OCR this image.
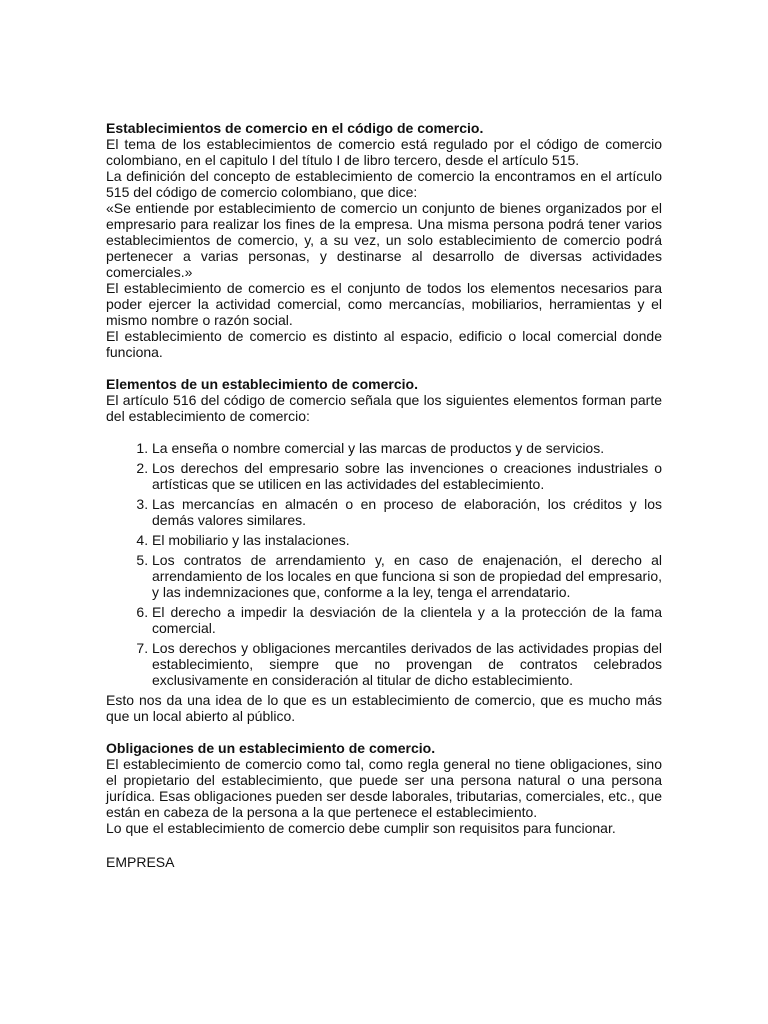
Establecimientos de comercio en el código de comercio.

El tema de los establecimientos de comercio está regulado por el código de comercio colombiano, en el capitulo I del título I de libro tercero, desde el artículo 515.

La definición del concepto de establecimiento de comercio la encontramos en el artículo 515 del código de comercio colombiano, que dice:

«Se entiende por establecimiento de comercio un conjunto de bienes organizados por el empresario para realizar los fines de la empresa. Una misma persona podrá tener varios establecimientos de comercio, y, a su vez, un solo establecimiento de comercio podrá pertenecer a varias personas, y destinarse al desarrollo de diversas actividades comerciales.»

El establecimiento de comercio es el conjunto de todos los elementos necesarios para poder ejercer la actividad comercial, como mercancías, mobiliarios, herramientas y el mismo nombre o razón social.

El establecimiento de comercio es distinto al espacio, edificio o local comercial donde funciona.

Elementos de un establecimiento de comercio.

El artículo 516 del código de comercio señala que los siguientes elementos forman parte del establecimiento de comercio:

1. La enseña o nombre comercial y las marcas de productos y de servicios.
2. Los derechos del empresario sobre las invenciones o creaciones industriales o artísticas que se utilicen en las actividades del establecimiento.
3. Las mercancías en almacén o en proceso de elaboración, los créditos y los demás valores similares.
4. El mobiliario y las instalaciones.
5. Los contratos de arrendamiento y, en caso de enajenación, el derecho al arrendamiento de los locales en que funciona si son de propiedad del empresario, y las indemnizaciones que, conforme a la ley, tenga el arrendatario.
6. El derecho a impedir la desviación de la clientela y a la protección de la fama comercial.
7. Los derechos y obligaciones mercantiles derivados de las actividades propias del establecimiento, siempre que no provengan de contratos celebrados exclusivamente en consideración al titular de dicho establecimiento.

Esto nos da una idea de lo que es un establecimiento de comercio, que es mucho más que un local abierto al público.

Obligaciones de un establecimiento de comercio.

El establecimiento de comercio como tal, como regla general no tiene obligaciones, sino el propietario del establecimiento, que puede ser una persona natural o una persona jurídica. Esas obligaciones pueden ser desde laborales, tributarias, comerciales, etc., que están en cabeza de la persona a la que pertenece el establecimiento.

Lo que el establecimiento de comercio debe cumplir son requisitos para funcionar.

EMPRESA
